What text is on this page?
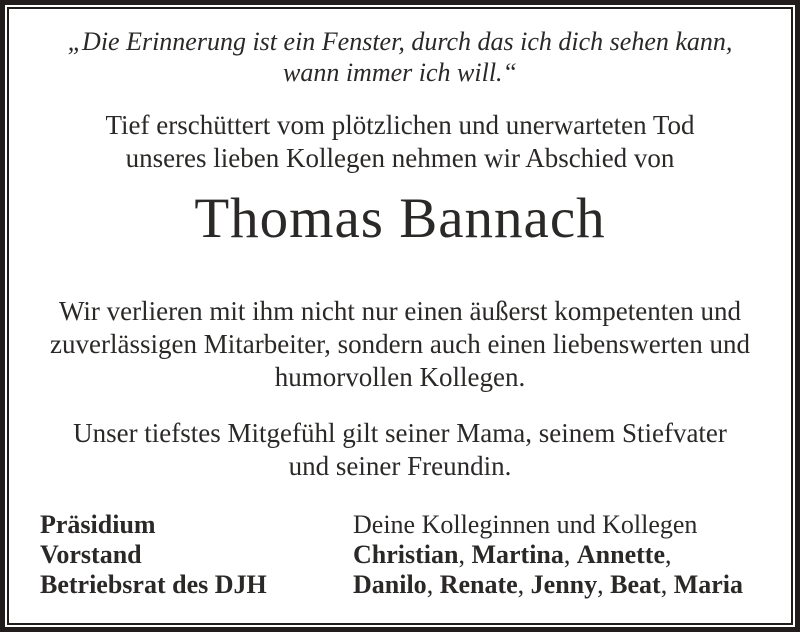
„Die Erinnerung ist ein Fenster, durch das ich dich sehen kann,
wann immer ich will.“
Tief erschüttert vom plötzlichen und unerwarteten Tod
unseres lieben Kollegen nehmen wir Abschied von
Thomas Bannach
Wir verlieren mit ihm nicht nur einen äußerst kompetenten und
zuverlässigen Mitarbeiter, sondern auch einen liebenswerten und
humorvollen Kollegen.
Unser tiefstes Mitgefühl gilt seiner Mama, seinem Stiefvater
und seiner Freundin.
Präsidium
Vorstand
Betriebsrat des DJH
Deine Kolleginnen und Kollegen
Christian, Martina, Annette,
Danilo, Renate, Jenny, Beat, Maria
